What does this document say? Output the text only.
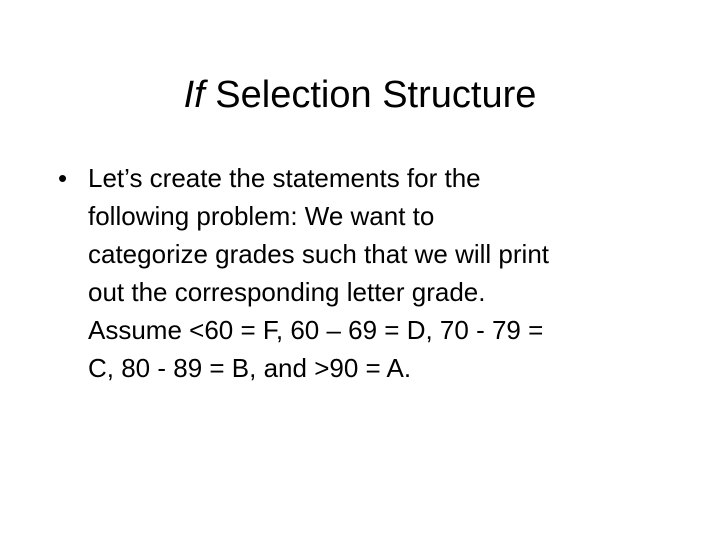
If Selection Structure
• Let’s create the statements for the
following problem: We want to
categorize grades such that we will print
out the corresponding letter grade.
Assume <60 = F, 60 – 69 = D, 70 - 79 =
C, 80 - 89 = B, and >90 = A.
